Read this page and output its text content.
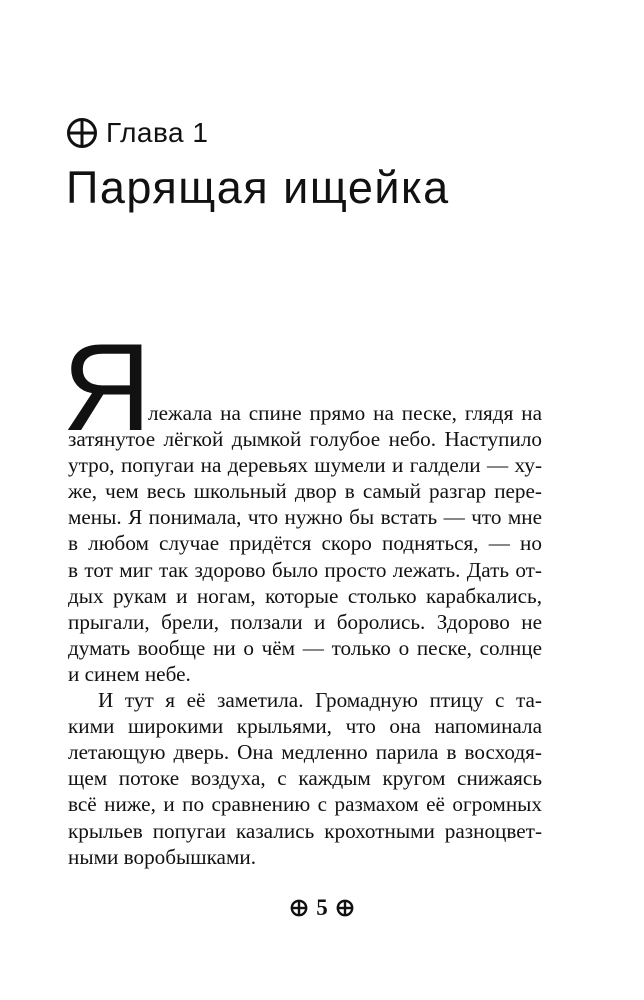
Глава 1
Парящая ищейка
Я
лежала на спине прямо на песке, глядя на
затянутое лёгкой дымкой голубое небо. Наступило
утро, попугаи на деревьях шумели и галдели — ху-
же, чем весь школьный двор в самый разгар пере-
мены. Я понимала, что нужно бы встать — что мне
в любом случае придётся скоро подняться, — но
в тот миг так здорово было просто лежать. Дать от-
дых рукам и ногам, которые столько карабкались,
прыгали, брели, ползали и боролись. Здорово не
думать вообще ни о чём — только о песке, солнце
и синем небе.
И тут я её заметила. Громадную птицу с та-
кими широкими крыльями, что она напоминала
летающую дверь. Она медленно парила в восходя-
щем потоке воздуха, с каждым кругом снижаясь
всё ниже, и по сравнению с размахом её огромных
крыльев попугаи казались крохотными разноцвет-
ными воробышками.
5
